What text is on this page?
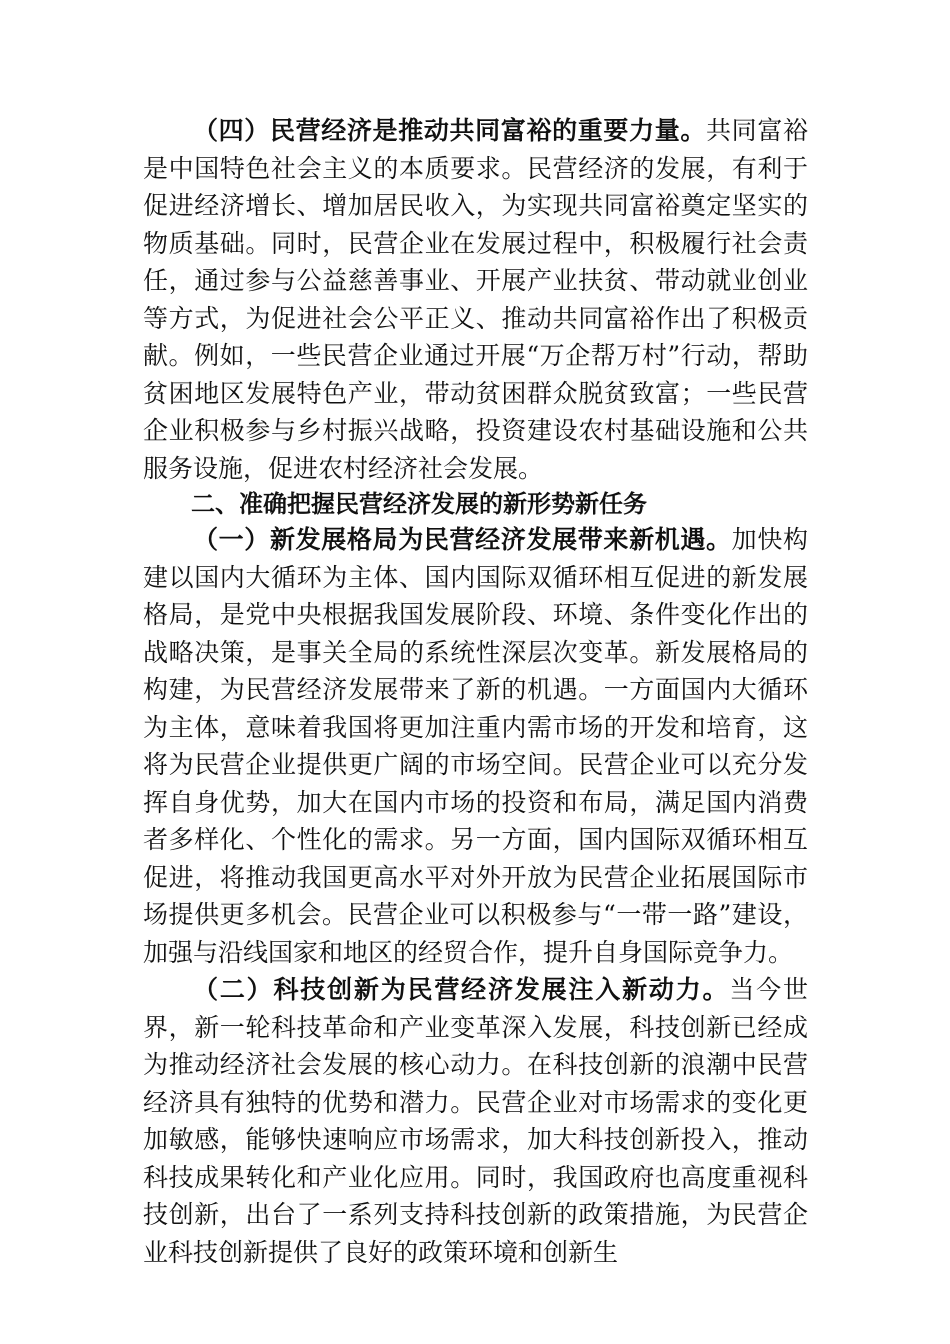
（四）民营经济是推动共同富裕的重要力量。共同富裕是中国特色社会主义的本质要求。民营经济的发展，有利于促进经济增长、增加居民收入，为实现共同富裕奠定坚实的物质基础。同时，民营企业在发展过程中，积极履行社会责任，通过参与公益慈善事业、开展产业扶贫、带动就业创业等方式，为促进社会公平正义、推动共同富裕作出了积极贡献。例如，一些民营企业通过开展“万企帮万村”行动，帮助贫困地区发展特色产业，带动贫困群众脱贫致富；一些民营企业积极参与乡村振兴战略，投资建设农村基础设施和公共服务设施，促进农村经济社会发展。

二、准确把握民营经济发展的新形势新任务

（一）新发展格局为民营经济发展带来新机遇。加快构建以国内大循环为主体、国内国际双循环相互促进的新发展格局，是党中央根据我国发展阶段、环境、条件变化作出的战略决策，是事关全局的系统性深层次变革。新发展格局的构建，为民营经济发展带来了新的机遇。一方面国内大循环为主体，意味着我国将更加注重内需市场的开发和培育，这将为民营企业提供更广阔的市场空间。民营企业可以充分发挥自身优势，加大在国内市场的投资和布局，满足国内消费者多样化、个性化的需求。另一方面，国内国际双循环相互促进，将推动我国更高水平对外开放为民营企业拓展国际市场提供更多机会。民营企业可以积极参与“一带一路”建设，加强与沿线国家和地区的经贸合作，提升自身国际竞争力。

（二）科技创新为民营经济发展注入新动力。当今世界，新一轮科技革命和产业变革深入发展，科技创新已经成为推动经济社会发展的核心动力。在科技创新的浪潮中民营经济具有独特的优势和潜力。民营企业对市场需求的变化更加敏感，能够快速响应市场需求，加大科技创新投入，推动科技成果转化和产业化应用。同时，我国政府也高度重视科技创新，出台了一系列支持科技创新的政策措施，为民营企业科技创新提供了良好的政策环境和创新生
